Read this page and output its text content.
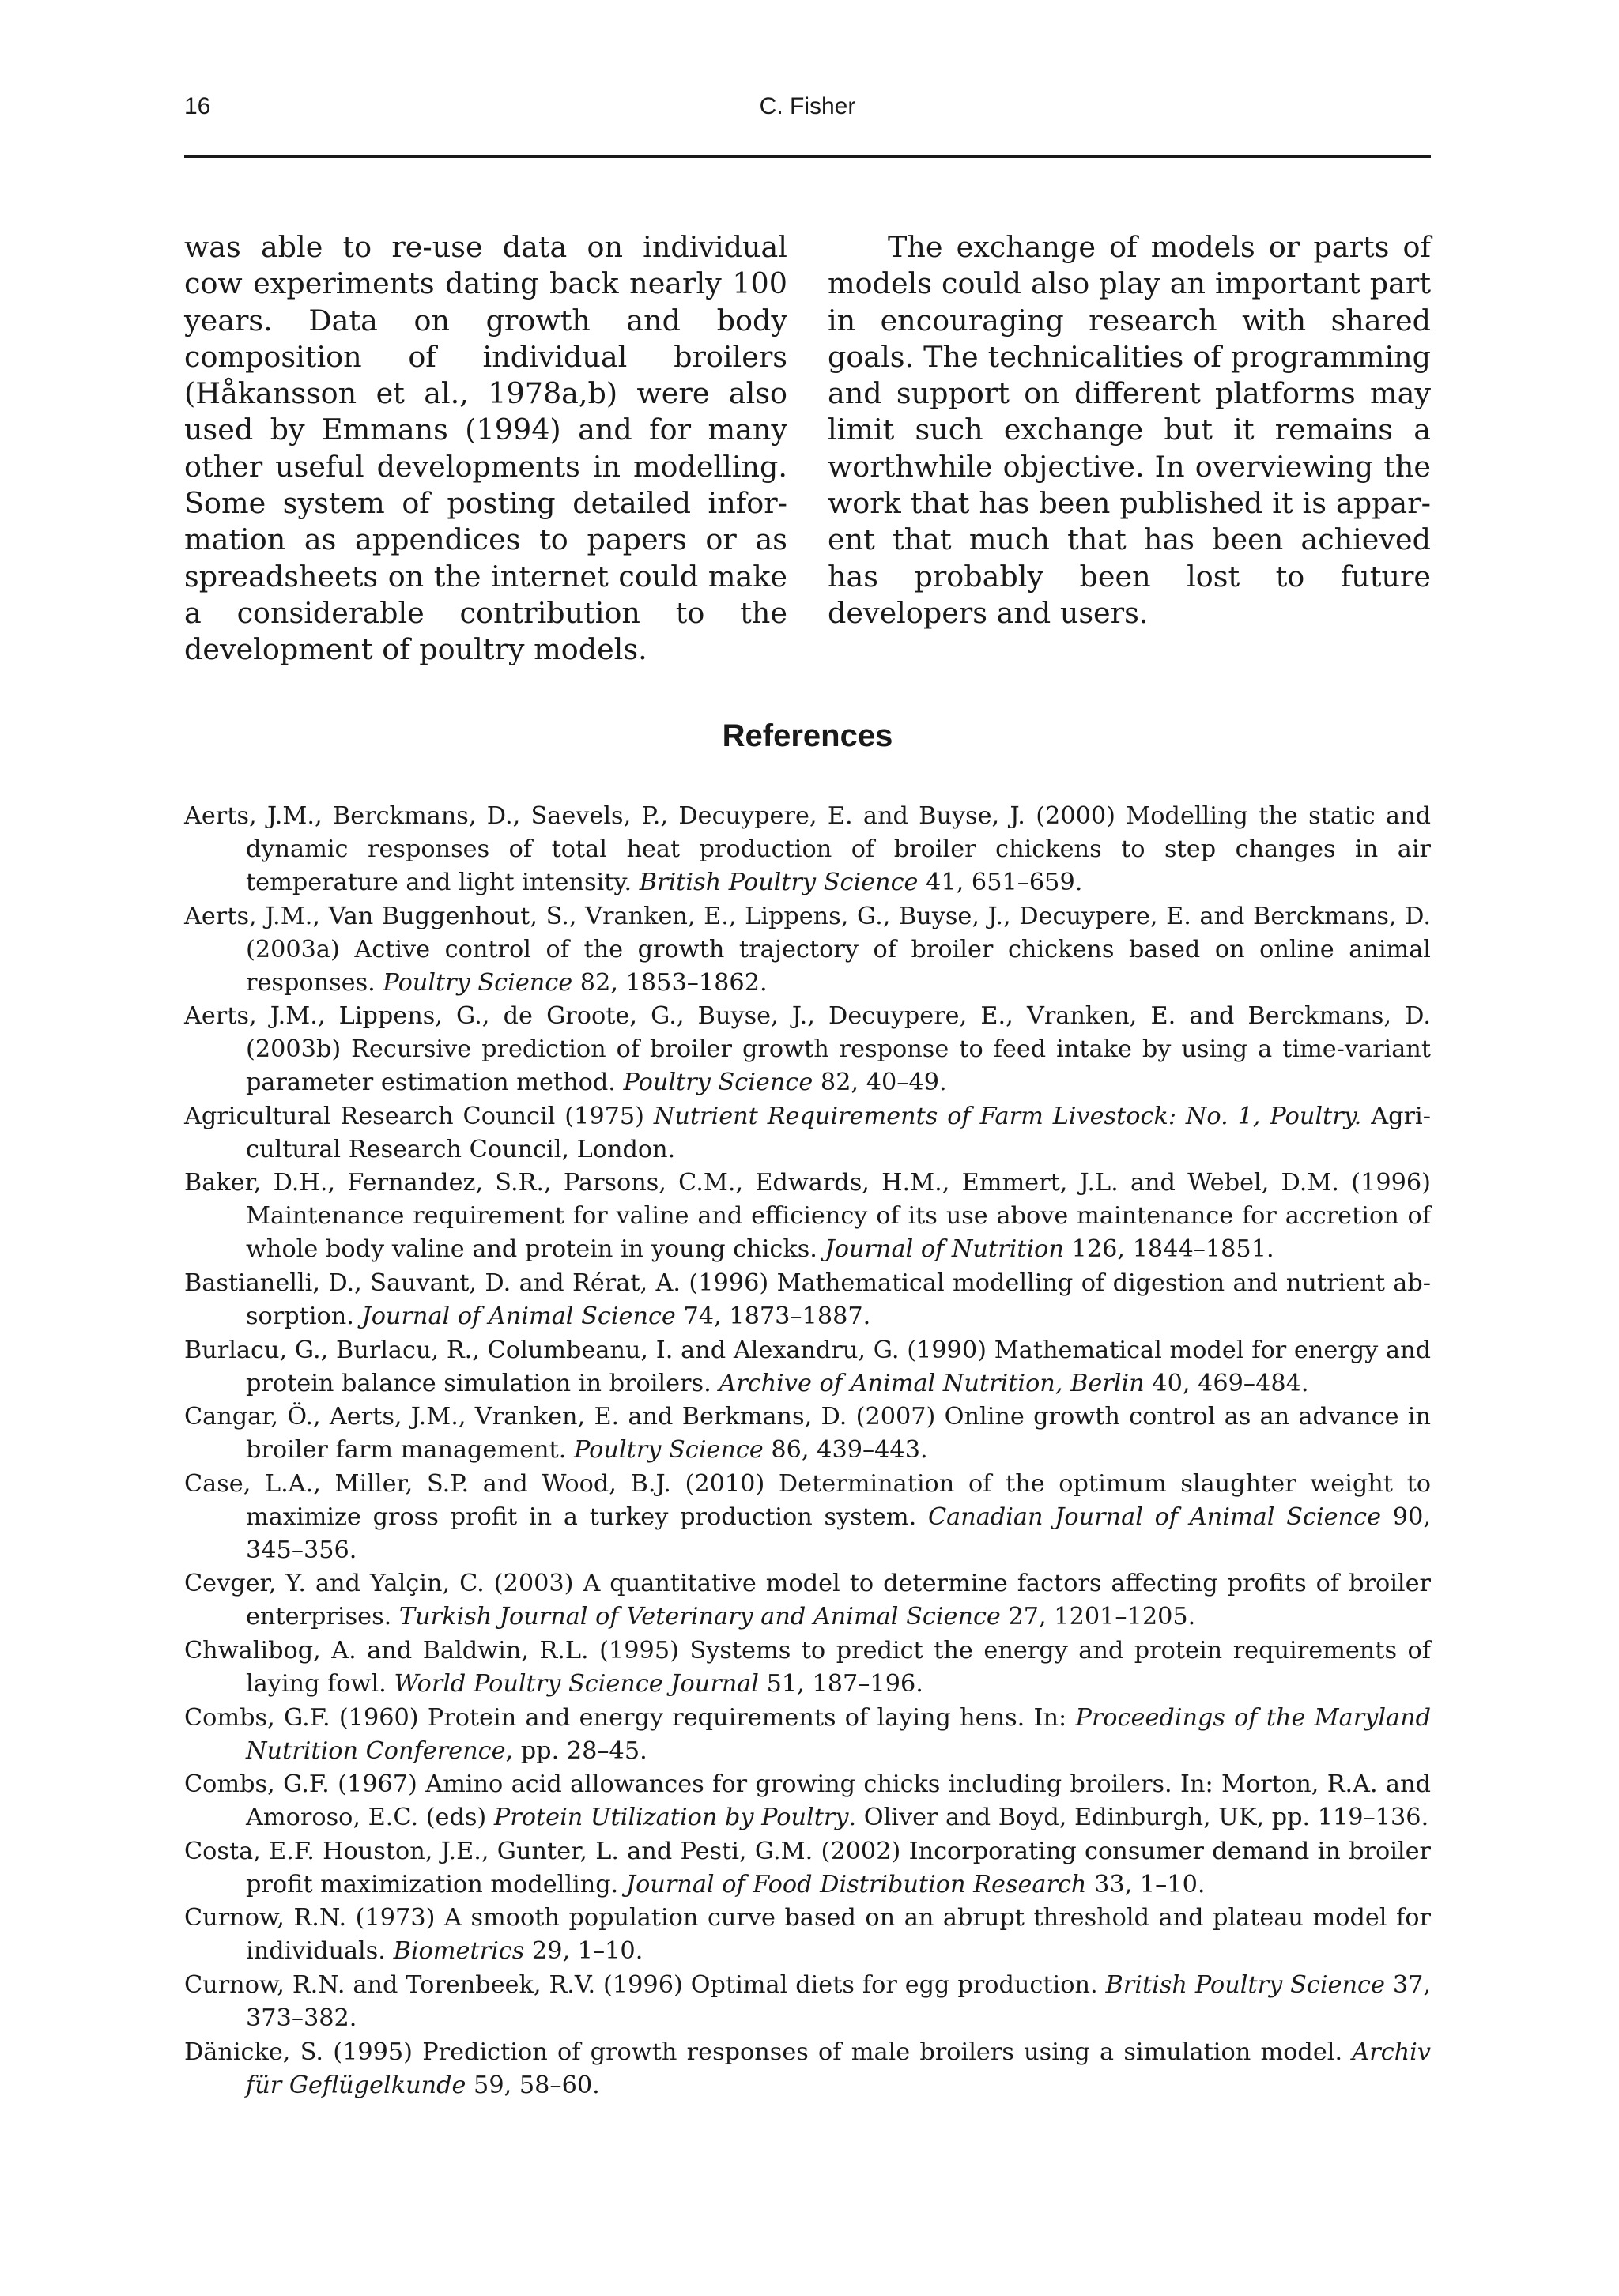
16	C. Fisher

was able to re-use data on individual cow experiments dating back nearly 100 years. Data on growth and body composition of individual broilers (Håkansson et al., 1978a,b) were also used by Emmans (1994) and for many other useful developments in modelling. Some system of posting detailed information as appendices to papers or as spreadsheets on the internet could make a considerable contribution to the development of poultry models.

The exchange of models or parts of models could also play an important part in encouraging research with shared goals. The technicalities of programming and support on different platforms may limit such exchange but it remains a worthwhile objective. In overviewing the work that has been published it is apparent that much that has been achieved has probably been lost to future developers and users.

References
Aerts, J.M., Berckmans, D., Saevels, P., Decuypere, E. and Buyse, J. (2000) Modelling the static and dynamic responses of total heat production of broiler chickens to step changes in air temperature and light intensity. British Poultry Science 41, 651–659.
Aerts, J.M., Van Buggenhout, S., Vranken, E., Lippens, G., Buyse, J., Decuypere, E. and Berckmans, D. (2003a) Active control of the growth trajectory of broiler chickens based on online animal responses. Poultry Science 82, 1853–1862.
Aerts, J.M., Lippens, G., de Groote, G., Buyse, J., Decuypere, E., Vranken, E. and Berckmans, D. (2003b) Recursive prediction of broiler growth response to feed intake by using a time-variant parameter estimation method. Poultry Science 82, 40–49.
Agricultural Research Council (1975) Nutrient Requirements of Farm Livestock: No. 1, Poultry. Agricultural Research Council, London.
Baker, D.H., Fernandez, S.R., Parsons, C.M., Edwards, H.M., Emmert, J.L. and Webel, D.M. (1996) Maintenance requirement for valine and efficiency of its use above maintenance for accretion of whole body valine and protein in young chicks. Journal of Nutrition 126, 1844–1851.
Bastianelli, D., Sauvant, D. and Rérat, A. (1996) Mathematical modelling of digestion and nutrient absorption. Journal of Animal Science 74, 1873–1887.
Burlacu, G., Burlacu, R., Columbeanu, I. and Alexandru, G. (1990) Mathematical model for energy and protein balance simulation in broilers. Archive of Animal Nutrition, Berlin 40, 469–484.
Cangar, Ö., Aerts, J.M., Vranken, E. and Berkmans, D. (2007) Online growth control as an advance in broiler farm management. Poultry Science 86, 439–443.
Case, L.A., Miller, S.P. and Wood, B.J. (2010) Determination of the optimum slaughter weight to maximize gross profit in a turkey production system. Canadian Journal of Animal Science 90, 345–356.
Cevger, Y. and Yalçin, C. (2003) A quantitative model to determine factors affecting profits of broiler enterprises. Turkish Journal of Veterinary and Animal Science 27, 1201–1205.
Chwalibog, A. and Baldwin, R.L. (1995) Systems to predict the energy and protein requirements of laying fowl. World Poultry Science Journal 51, 187–196.
Combs, G.F. (1960) Protein and energy requirements of laying hens. In: Proceedings of the Maryland Nutrition Conference, pp. 28–45.
Combs, G.F. (1967) Amino acid allowances for growing chicks including broilers. In: Morton, R.A. and Amoroso, E.C. (eds) Protein Utilization by Poultry. Oliver and Boyd, Edinburgh, UK, pp. 119–136.
Costa, E.F. Houston, J.E., Gunter, L. and Pesti, G.M. (2002) Incorporating consumer demand in broiler profit maximization modelling. Journal of Food Distribution Research 33, 1–10.
Curnow, R.N. (1973) A smooth population curve based on an abrupt threshold and plateau model for individuals. Biometrics 29, 1–10.
Curnow, R.N. and Torenbeek, R.V. (1996) Optimal diets for egg production. British Poultry Science 37, 373–382.
Dänicke, S. (1995) Prediction of growth responses of male broilers using a simulation model. Archiv für Geflügelkunde 59, 58–60.
